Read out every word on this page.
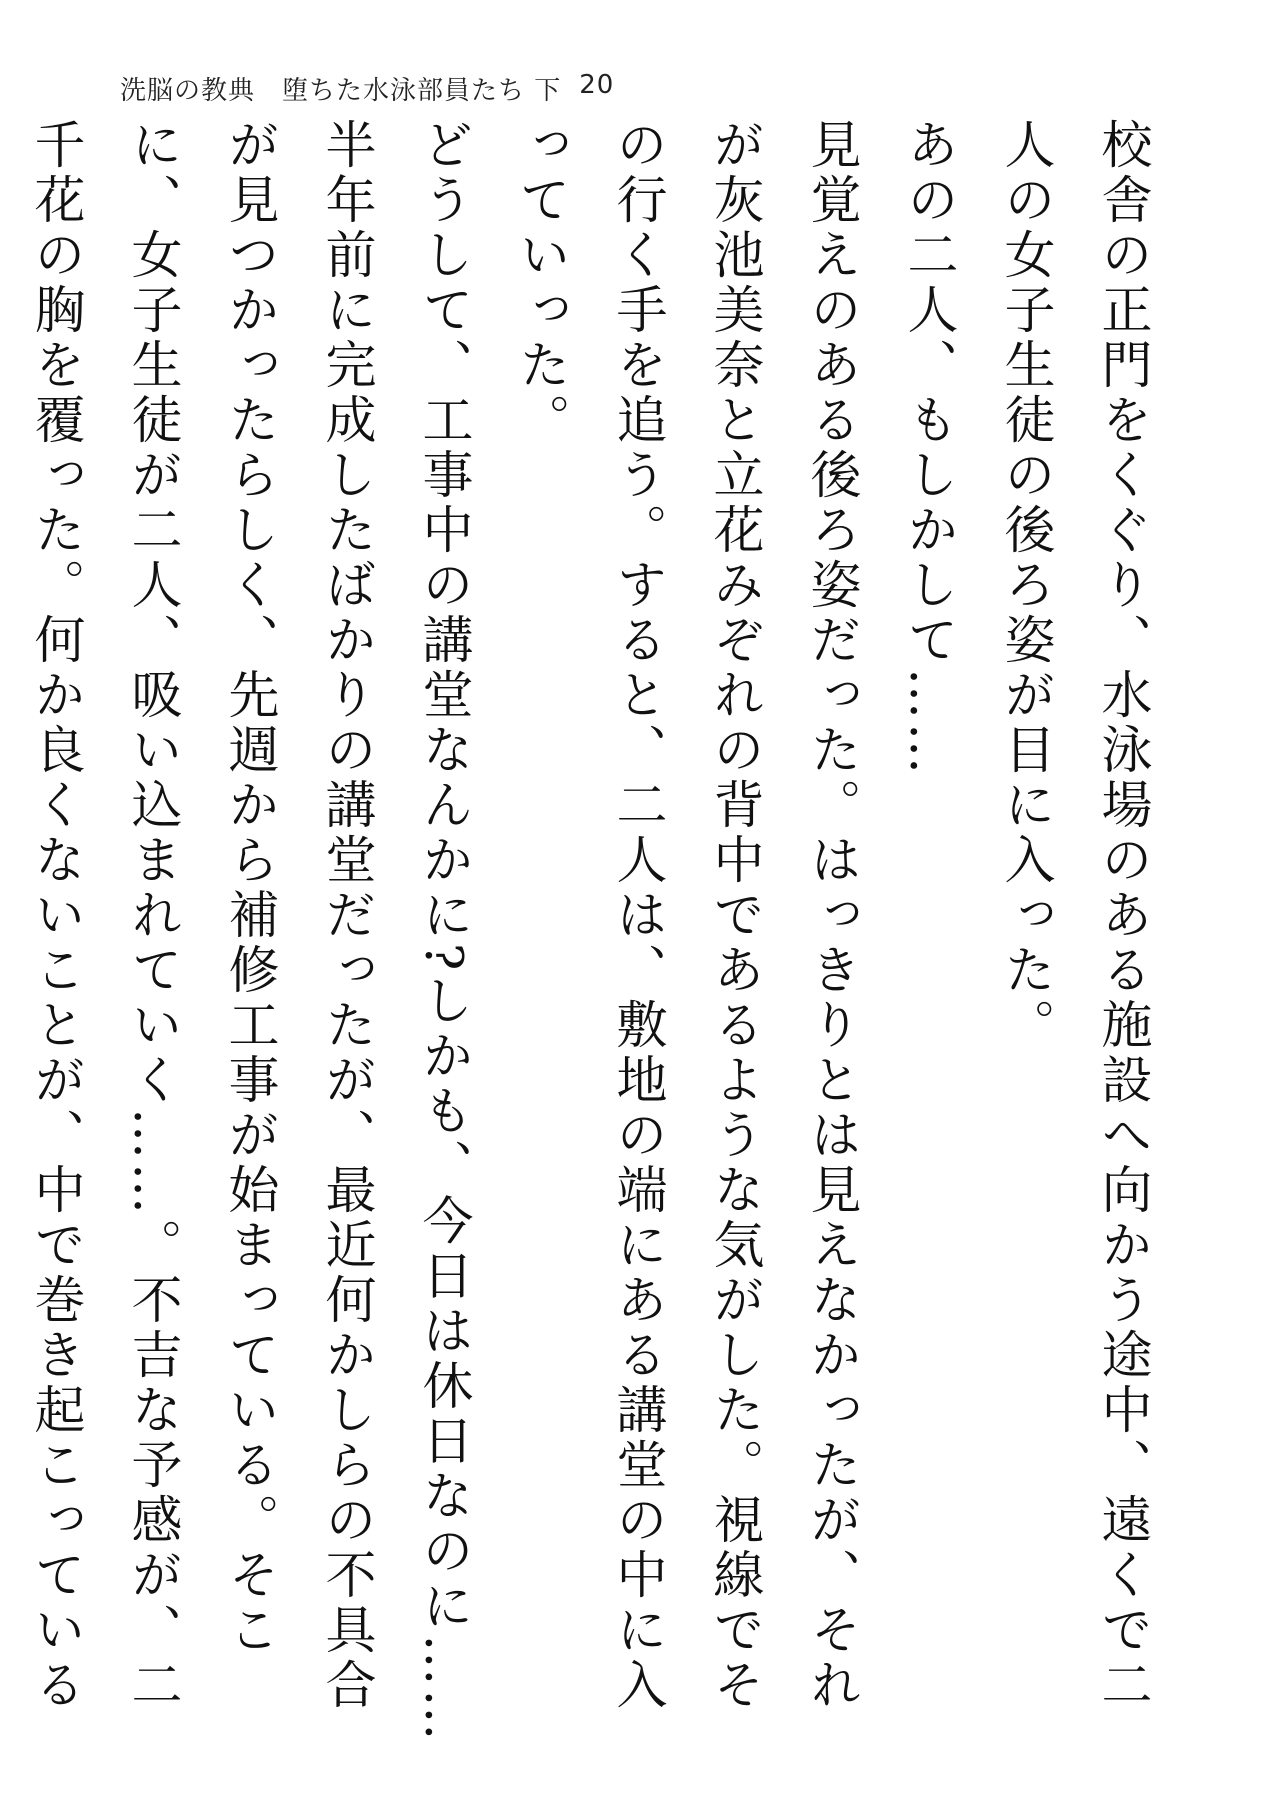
洗脳の教典　堕ちた水泳部員たち 下 20

校舎の正門をくぐり、水泳場のある施設へ向かう途中、遠くで二人の女子生徒の後ろ姿が目に入った。

あの二人、もしかして……

見覚えのある後ろ姿だった。はっきりとは見えなかったが、それが灰池美奈と立花みぞれの背中であるような気がした。視線でその行く手を追う。すると、二人は、敷地の端にある講堂の中に入っていった。

どうして、工事中の講堂なんかに?しかも、今日は休日なのに……

半年前に完成したばかりの講堂だったが、最近何かしらの不具合が見つかったらしく、先週から補修工事が始まっている。そこに、女子生徒が二人、吸い込まれていく……。不吉な予感が、二千花の胸を覆った。何か良くないことが、中で巻き起こっている
